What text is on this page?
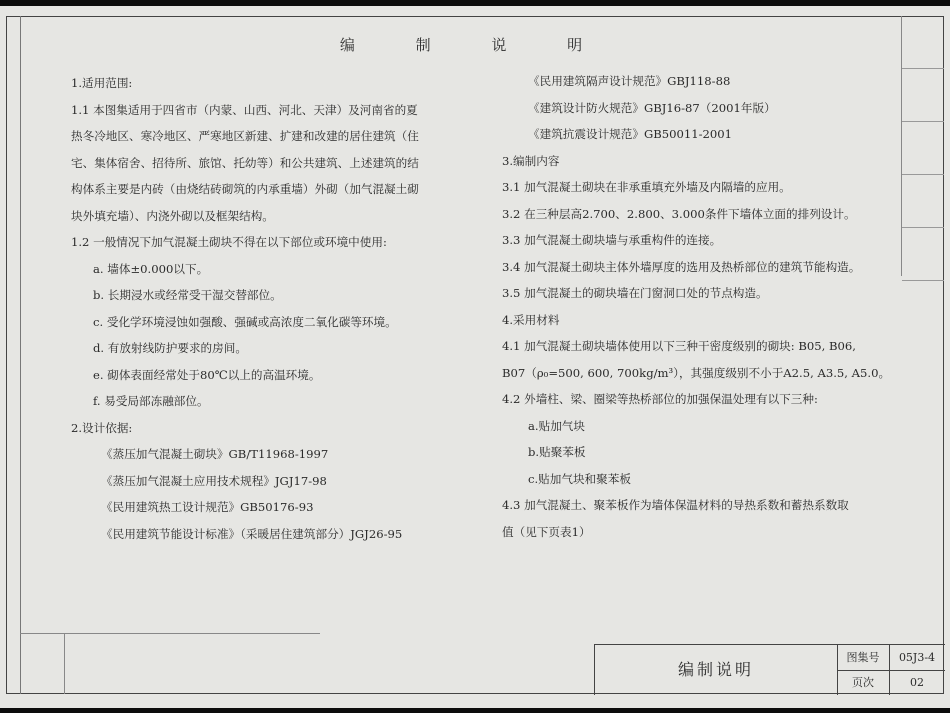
编 制 说 明
1.适用范围:
1.1 本图集适用于四省市（内蒙、山西、河北、天津）及河南省的夏
热冬冷地区、寒冷地区、严寒地区新建、扩建和改建的居住建筑（住
宅、集体宿舍、招待所、旅馆、托幼等）和公共建筑、上述建筑的结
构体系主要是内砖（由烧结砖砌筑的内承重墙）外砌（加气混凝土砌
块外填充墙）、内浇外砌以及框架结构。
1.2 一般情况下加气混凝土砌块不得在以下部位或环境中使用:
a. 墙体±0.000以下。
b. 长期浸水或经常受干湿交替部位。
c. 受化学环境浸蚀如强酸、强碱或高浓度二氧化碳等环境。
d. 有放射线防护要求的房间。
e. 砌体表面经常处于80℃以上的高温环境。
f. 易受局部冻融部位。
2.设计依据:
《蒸压加气混凝土砌块》GB/T11968-1997
《蒸压加气混凝土应用技术规程》JGJ17-98
《民用建筑热工设计规范》GB50176-93
《民用建筑节能设计标准》（采暖居住建筑部分）JGJ26-95
《民用建筑隔声设计规范》GBJ118-88
《建筑设计防火规范》GBJ16-87（2001年版）
《建筑抗震设计规范》GB50011-2001
3.编制内容
3.1 加气混凝土砌块在非承重填充外墙及内隔墙的应用。
3.2 在三种层高2.700、2.800、3.000条件下墙体立面的排列设计。
3.3 加气混凝土砌块墙与承重构件的连接。
3.4 加气混凝土砌块主体外墙厚度的选用及热桥部位的建筑节能构造。
3.5 加气混凝土的砌块墙在门窗洞口处的节点构造。
4.采用材料
4.1 加气混凝土砌块墙体使用以下三种干密度级别的砌块: B05, B06,
B07（ρ₀=500, 600, 700kg/m³），其强度级别不小于A2.5, A3.5, A5.0。
4.2 外墙柱、梁、圈梁等热桥部位的加强保温处理有以下三种:
a.贴加气块
b.贴聚苯板
c.贴加气块和聚苯板
4.3 加气混凝土、聚苯板作为墙体保温材料的导热系数和蓄热系数取
值（见下页表1）
编制说明
图集号	05J3-4
页次	02
